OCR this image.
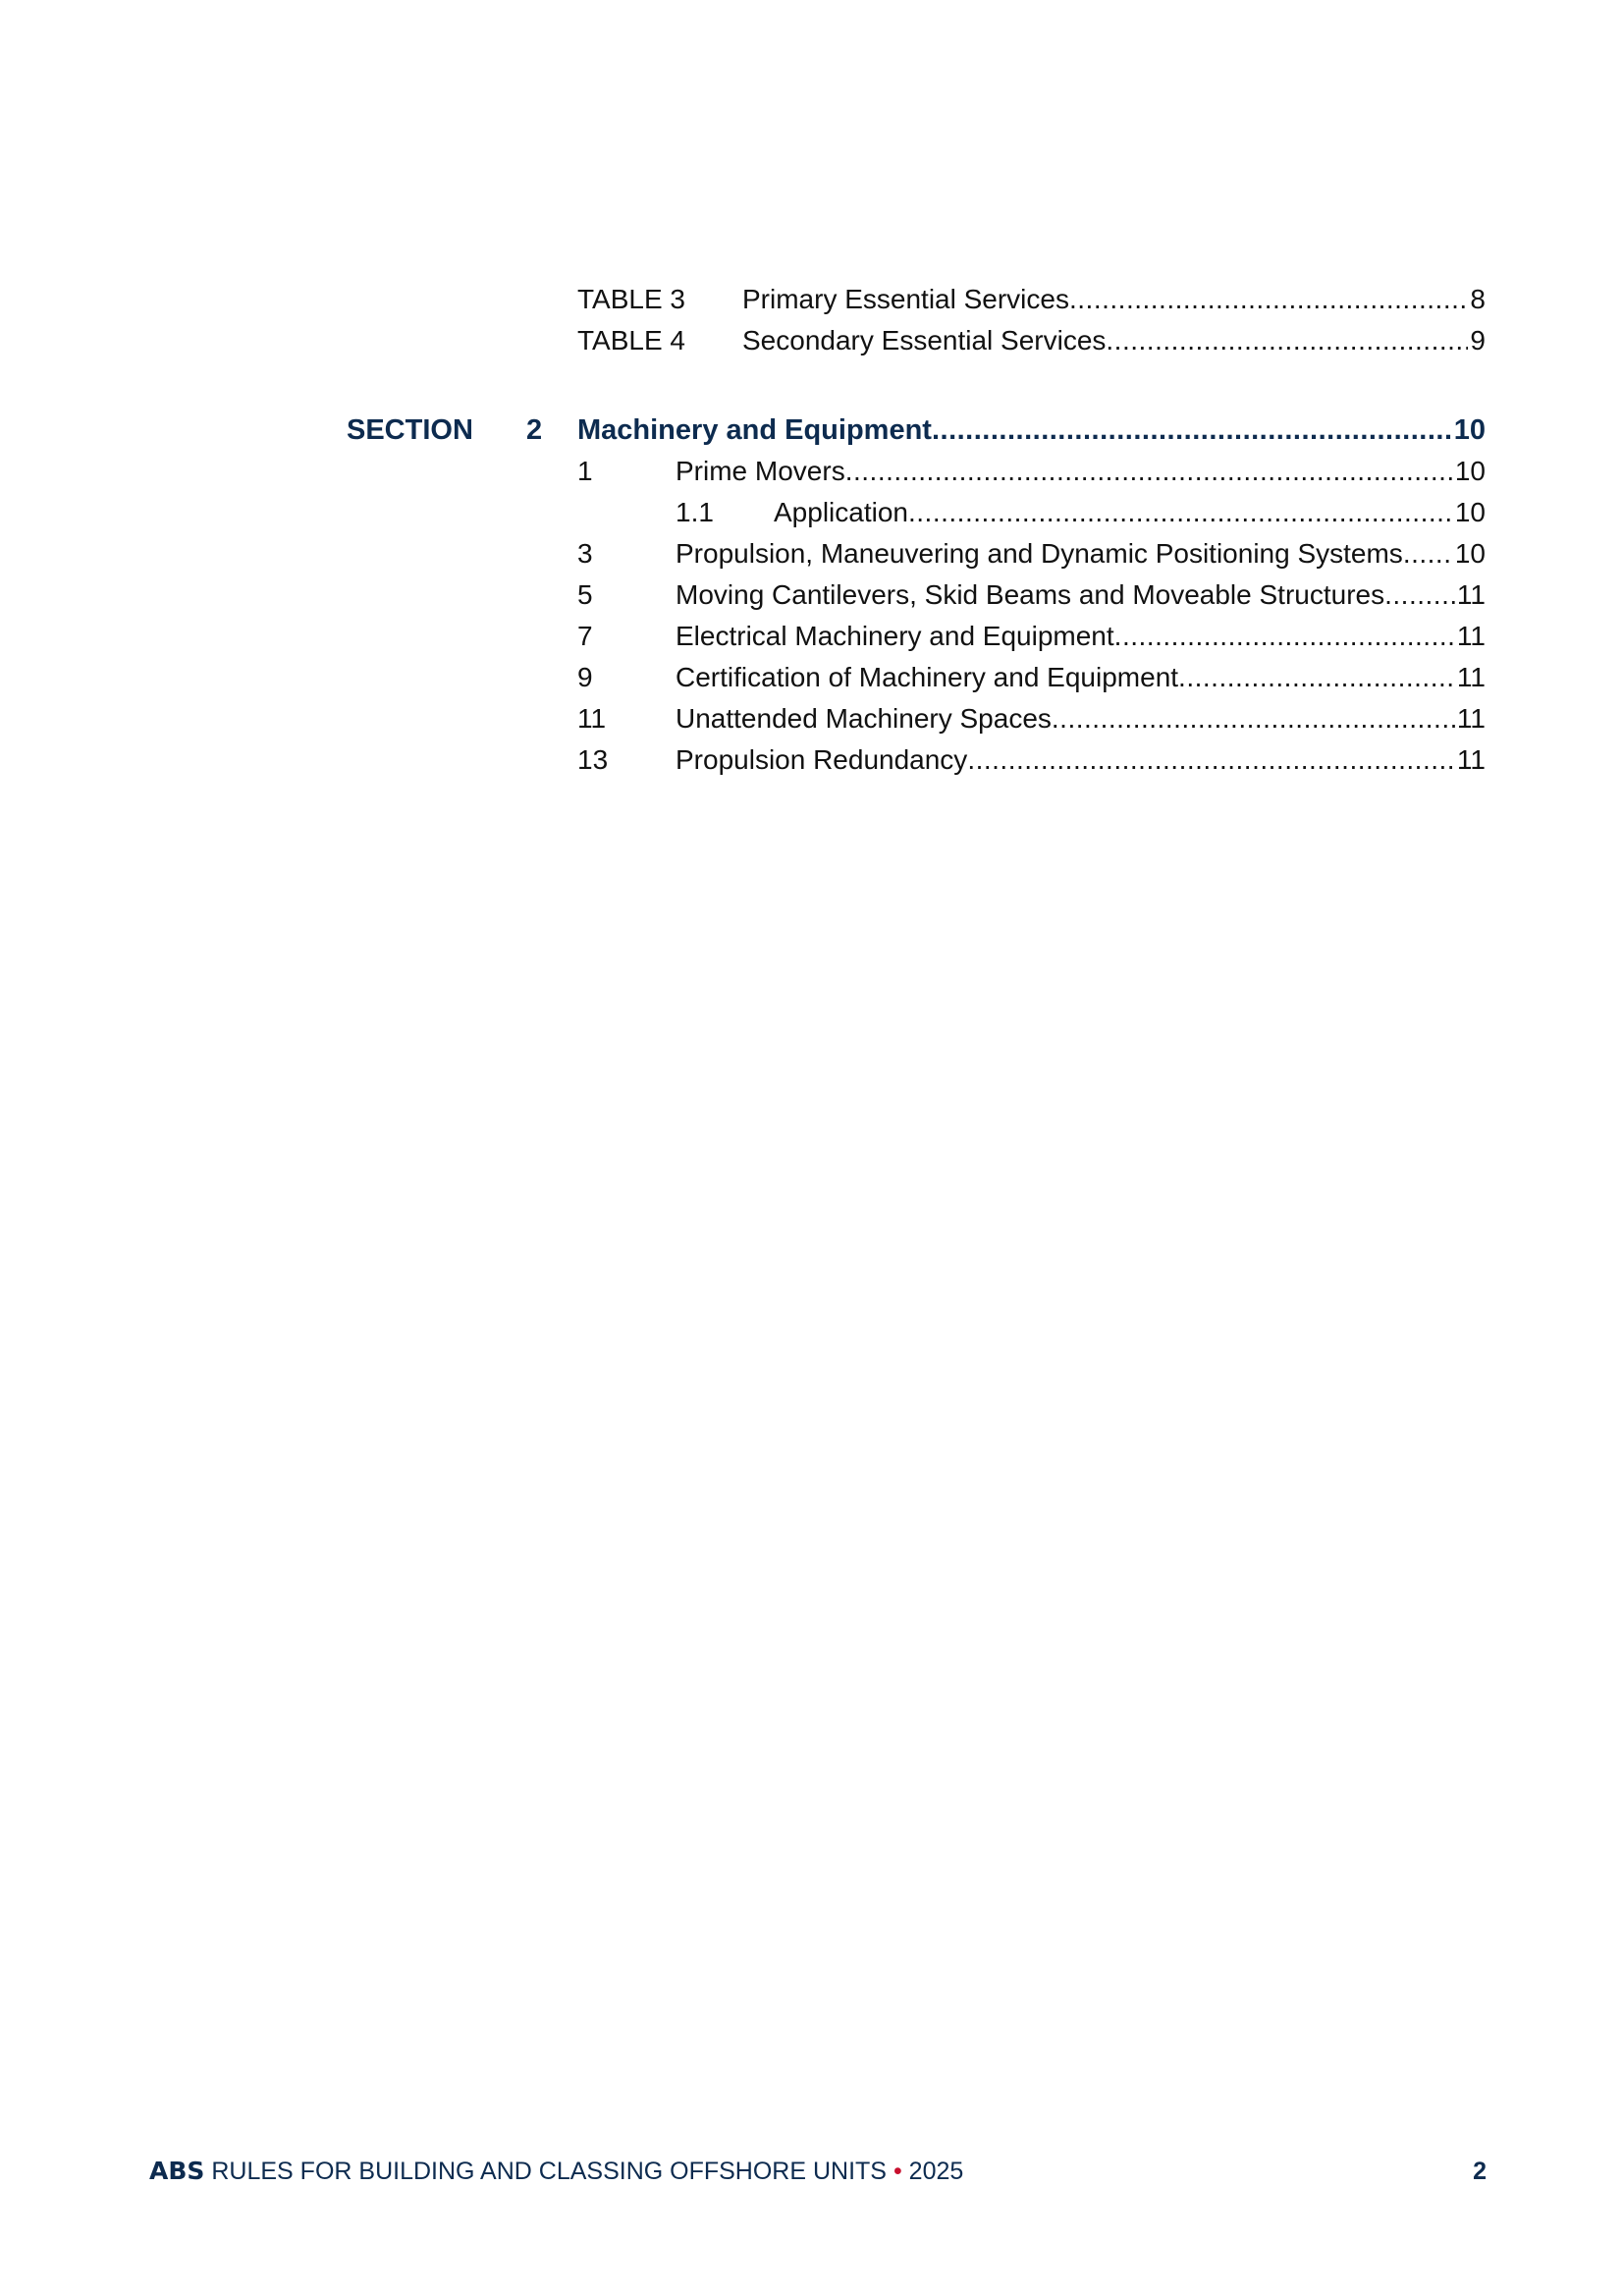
TABLE 3 Primary Essential Services .....	8
TABLE 4 Secondary Essential Services .....	9
SECTION 2 Machinery and Equipment .....	10
1	Prime Movers .....	10
1.1 Application .....	10
3	Propulsion, Maneuvering and Dynamic Positioning Systems ..... 10
5	Moving Cantilevers, Skid Beams and Moveable Structures .....	11
7	Electrical Machinery and Equipment .....	11
9	Certification of Machinery and Equipment .....	11
11	Unattended Machinery Spaces .....	11
13 Propulsion Redundancy .....	11
ABS RULES FOR BUILDING AND CLASSING OFFSHORE UNITS • 2025	2
